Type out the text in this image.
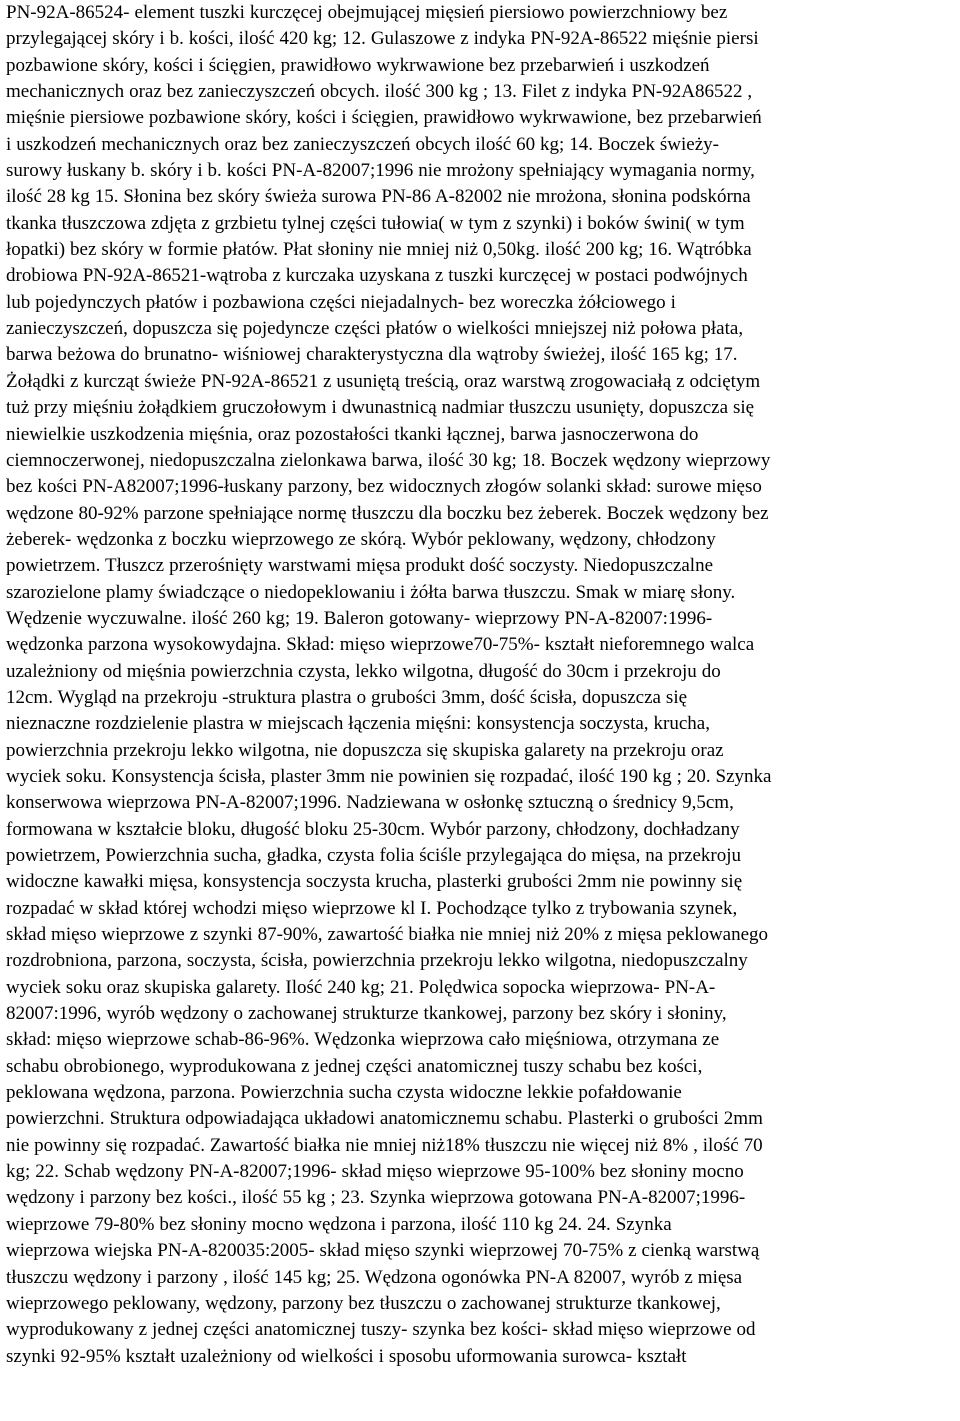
PN-92A-86524- element tuszki kurczęcej obejmującej mięsień piersiowo powierzchniowy bez
przylegającej skóry i b. kości, ilość 420 kg; 12. Gulaszowe z indyka PN-92A-86522 mięśnie piersi
pozbawione skóry, kości i ścięgien, prawidłowo wykrwawione bez przebarwień i uszkodzeń
mechanicznych oraz bez zanieczyszczeń obcych. ilość 300 kg ; 13. Filet z indyka PN-92A86522 ,
mięśnie piersiowe pozbawione skóry, kości i ścięgien, prawidłowo wykrwawione, bez przebarwień
i uszkodzeń mechanicznych oraz bez zanieczyszczeń obcych ilość 60 kg; 14. Boczek świeży-
surowy łuskany b. skóry i b. kości PN-A-82007;1996 nie mrożony spełniający wymagania normy,
ilość 28 kg 15. Słonina bez skóry świeża surowa PN-86 A-82002 nie mrożona, słonina podskórna
tkanka tłuszczowa zdjęta z grzbietu tylnej części tułowia( w tym z szynki) i boków świni( w tym
łopatki) bez skóry w formie płatów. Płat słoniny nie mniej niż 0,50kg. ilość 200 kg; 16. Wątróbka
drobiowa PN-92A-86521-wątroba z kurczaka uzyskana z tuszki kurczęcej w postaci podwójnych
lub pojedynczych płatów i pozbawiona części niejadalnych- bez woreczka żółciowego i
zanieczyszczeń, dopuszcza się pojedyncze części płatów o wielkości mniejszej niż połowa płata,
barwa beżowa do brunatno- wiśniowej charakterystyczna dla wątroby świeżej, ilość 165 kg; 17.
Żołądki z kurcząt świeże PN-92A-86521 z usuniętą treścią, oraz warstwą zrogowaciałą z odciętym
tuż przy mięśniu żołądkiem gruczołowym i dwunastnicą nadmiar tłuszczu usunięty, dopuszcza się
niewielkie uszkodzenia mięśnia, oraz pozostałości tkanki łącznej, barwa jasnoczerwona do
ciemnoczerwonej, niedopuszczalna zielonkawa barwa, ilość 30 kg; 18. Boczek wędzony wieprzowy
bez kości PN-A82007;1996-łuskany parzony, bez widocznych złogów solanki skład: surowe mięso
wędzone 80-92% parzone spełniające normę tłuszczu dla boczku bez żeberek. Boczek wędzony bez
żeberek- wędzonka z boczku wieprzowego ze skórą. Wybór peklowany, wędzony, chłodzony
powietrzem. Tłuszcz przerośnięty warstwami mięsa produkt dość soczysty. Niedopuszczalne
szarozielone plamy świadczące o niedopeklowaniu i żółta barwa tłuszczu. Smak w miarę słony.
Wędzenie wyczuwalne. ilość 260 kg; 19. Baleron gotowany- wieprzowy PN-A-82007:1996-
wędzonka parzona wysokowydajna. Skład: mięso wieprzowe70-75%- kształt nieforemnego walca
uzależniony od mięśnia powierzchnia czysta, lekko wilgotna, długość do 30cm i przekroju do
12cm. Wygląd na przekroju -struktura plastra o grubości 3mm, dość ścisła, dopuszcza się
nieznaczne rozdzielenie plastra w miejscach łączenia mięśni: konsystencja soczysta, krucha,
powierzchnia przekroju lekko wilgotna, nie dopuszcza się skupiska galarety na przekroju oraz
wyciek soku. Konsystencja ścisła, plaster 3mm nie powinien się rozpadać, ilość 190 kg ; 20. Szynka
konserwowa wieprzowa PN-A-82007;1996. Nadziewana w osłonkę sztuczną o średnicy 9,5cm,
formowana w kształcie bloku, długość bloku 25-30cm. Wybór parzony, chłodzony, dochładzany
powietrzem, Powierzchnia sucha, gładka, czysta folia ściśle przylegająca do mięsa, na przekroju
widoczne kawałki mięsa, konsystencja soczysta krucha, plasterki grubości 2mm nie powinny się
rozpadać w skład której wchodzi mięso wieprzowe kl I. Pochodzące tylko z trybowania szynek,
skład mięso wieprzowe z szynki 87-90%, zawartość białka nie mniej niż 20% z mięsa peklowanego
rozdrobniona, parzona, soczysta, ścisła, powierzchnia przekroju lekko wilgotna, niedopuszczalny
wyciek soku oraz skupiska galarety. Ilość 240 kg; 21. Polędwica sopocka wieprzowa- PN-A-
82007:1996, wyrób wędzony o zachowanej strukturze tkankowej, parzony bez skóry i słoniny,
skład: mięso wieprzowe schab-86-96%. Wędzonka wieprzowa cało mięśniowa, otrzymana ze
schabu obrobionego, wyprodukowana z jednej części anatomicznej tuszy schabu bez kości,
peklowana wędzona, parzona. Powierzchnia sucha czysta widoczne lekkie pofałdowanie
powierzchni. Struktura odpowiadająca układowi anatomicznemu schabu. Plasterki o grubości 2mm
nie powinny się rozpadać. Zawartość białka nie mniej niż18% tłuszczu nie więcej niż 8% , ilość 70
kg; 22. Schab wędzony PN-A-82007;1996- skład mięso wieprzowe 95-100% bez słoniny mocno
wędzony i parzony bez kości., ilość 55 kg ; 23. Szynka wieprzowa gotowana PN-A-82007;1996-
wieprzowe 79-80% bez słoniny mocno wędzona i parzona, ilość 110 kg 24. 24. Szynka
wieprzowa wiejska PN-A-820035:2005- skład mięso szynki wieprzowej 70-75% z cienką warstwą
tłuszczu wędzony i parzony , ilość 145 kg; 25. Wędzona ogonówka PN-A 82007, wyrób z mięsa
wieprzowego peklowany, wędzony, parzony bez tłuszczu o zachowanej strukturze tkankowej,
wyprodukowany z jednej części anatomicznej tuszy- szynka bez kości- skład mięso wieprzowe od
szynki 92-95% kształt uzależniony od wielkości i sposobu uformowania surowca- kształt
